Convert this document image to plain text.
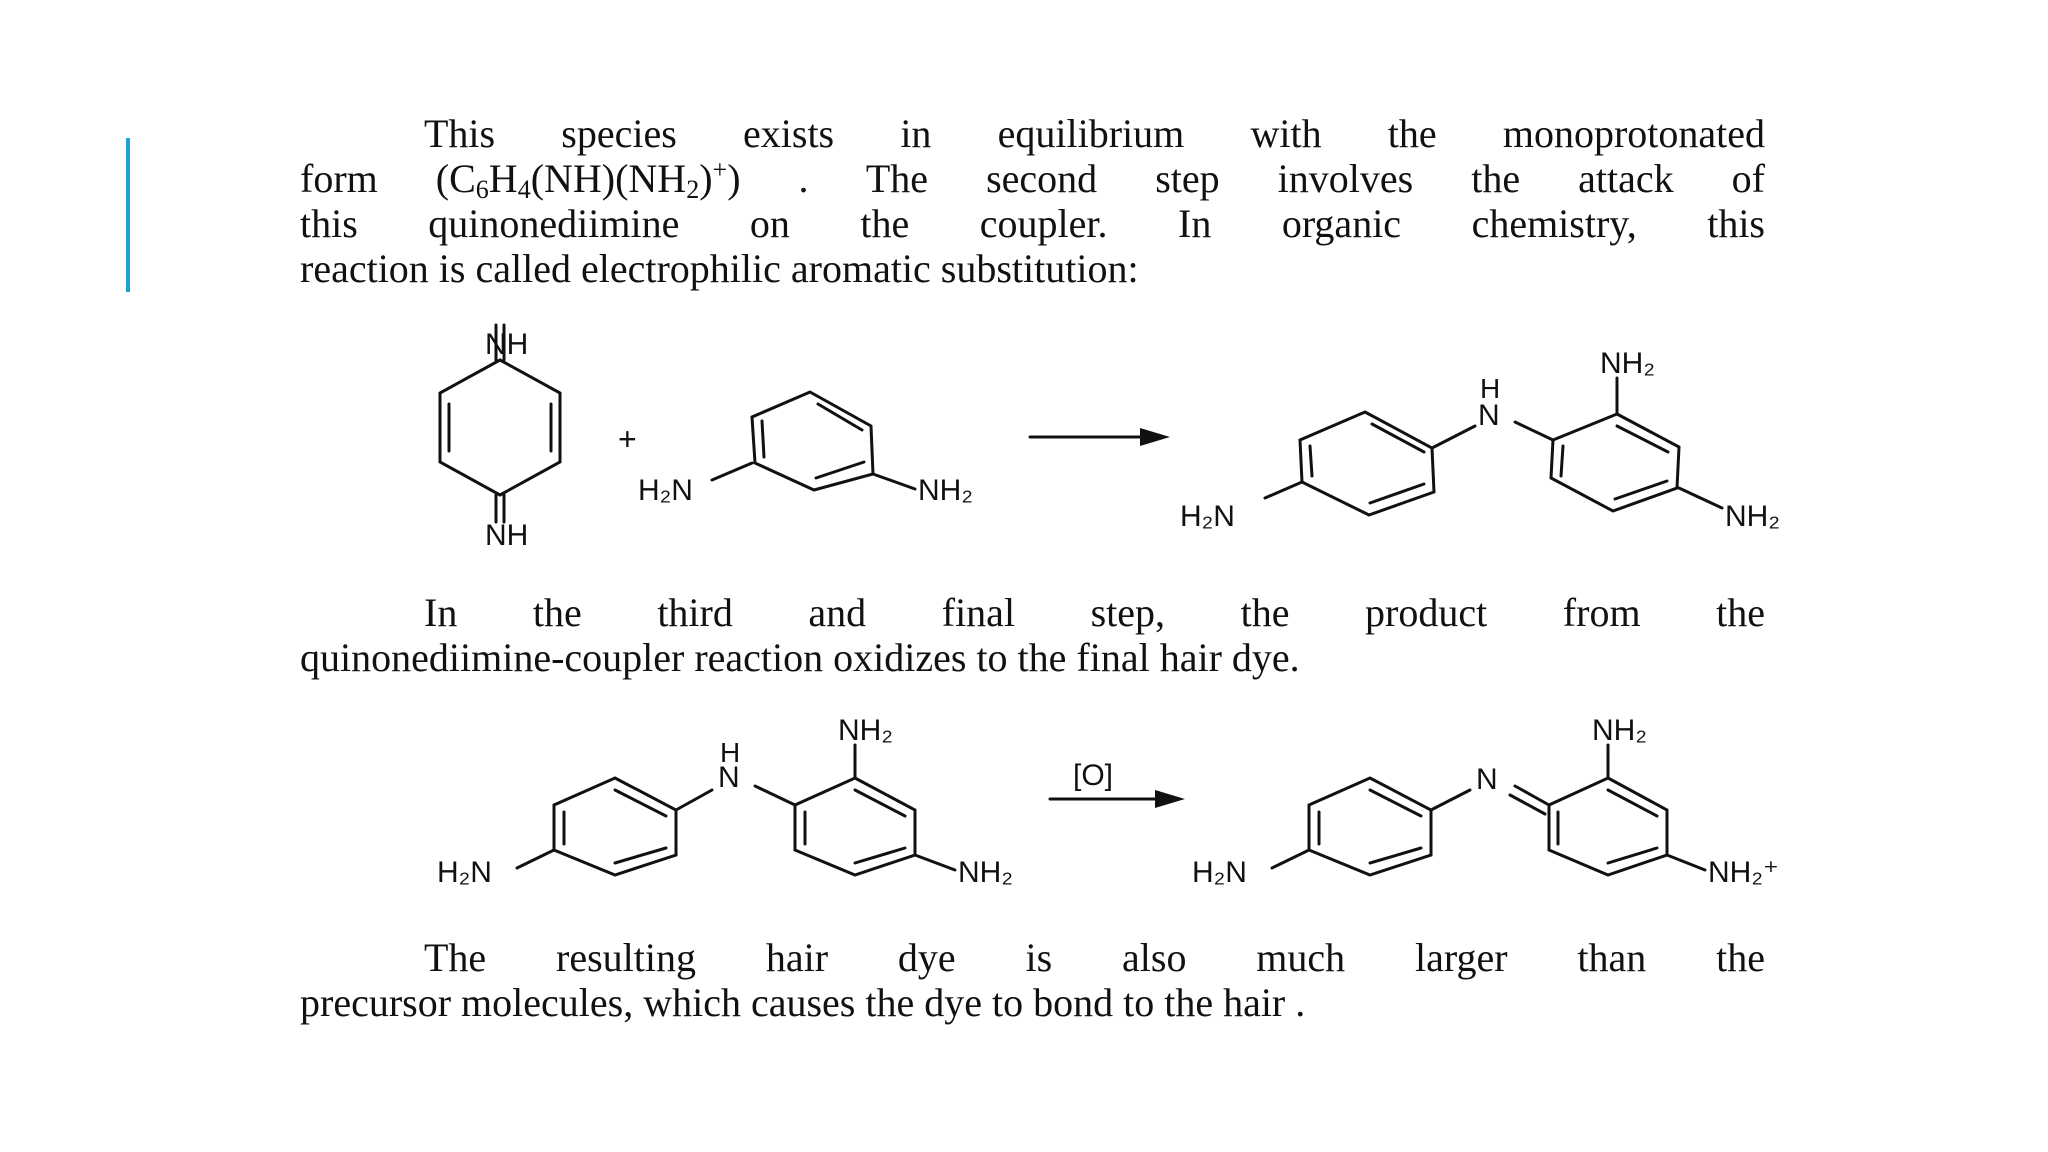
This species exists in equilibrium with the monoprotonated
form $(C_6H_4(NH)(NH_2)^+)$ . The second step involves the attack of
this quinonediimine on the coupler. In organic chemistry, this
reaction is called electrophilic aromatic substitution:
In the third and final step, the product from the
quinonediimine-coupler reaction oxidizes to the final hair dye.
The resulting hair dye is also much larger than the
precursor molecules, which causes the dye to bond to the hair .
NH
NH
+
H₂N	NH₂
H
N
NH₂
H₂N	NH₂
H
N
NH₂
H₂N	NH₂
[O]	N
NH₂
H₂N	NH₂⁺
